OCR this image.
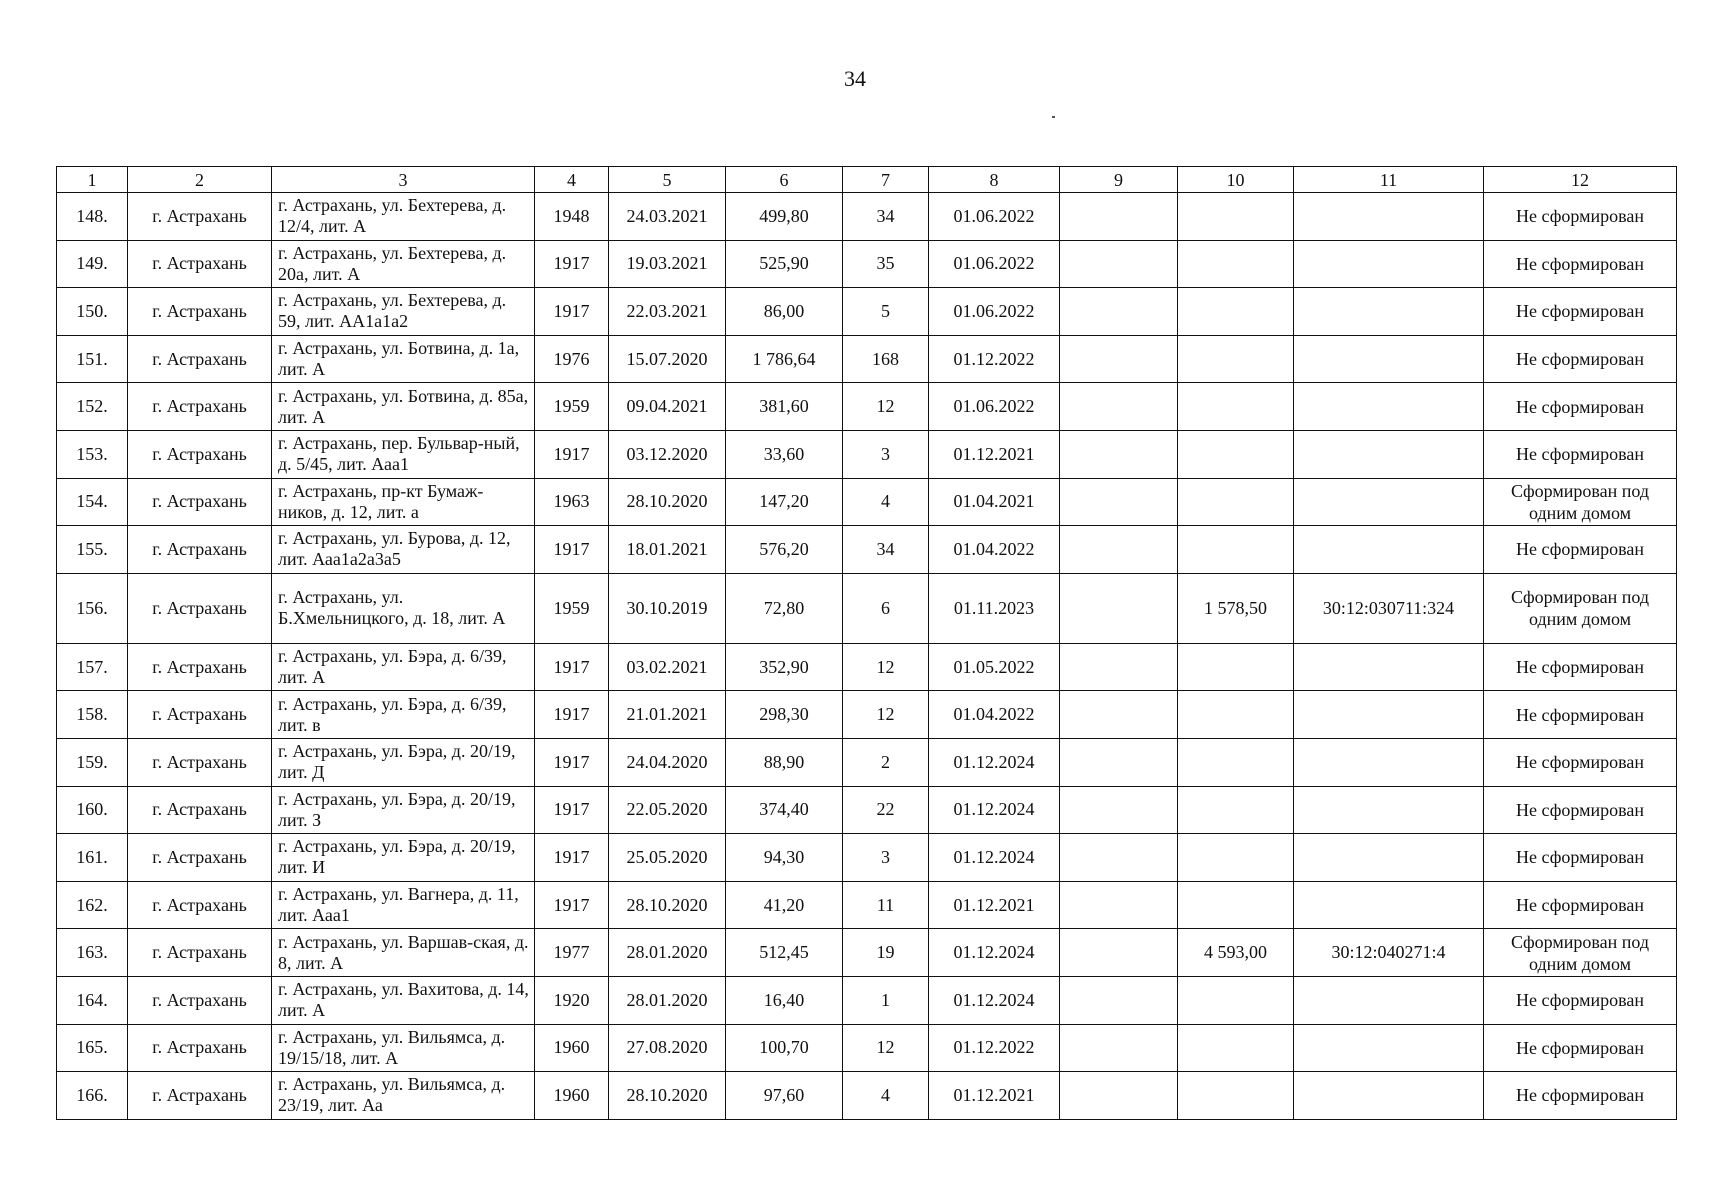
34
1	2	3	4	5	6	7	8	9	10	11	12
148.	г. Астрахань	г. Астрахань, ул. Бехтерева, д. 12/4, лит. А	1948	24.03.2021	499,80	34	01.06.2022				Не сформирован
149.	г. Астрахань	г. Астрахань, ул. Бехтерева, д. 20а, лит. А	1917	19.03.2021	525,90	35	01.06.2022				Не сформирован
150.	г. Астрахань	г. Астрахань, ул. Бехтерева, д. 59, лит. АА1а1а2	1917	22.03.2021	86,00	5	01.06.2022				Не сформирован
151.	г. Астрахань	г. Астрахань, ул. Ботвина, д. 1а, лит. А	1976	15.07.2020	1 786,64	168	01.12.2022				Не сформирован
152.	г. Астрахань	г. Астрахань, ул. Ботвина, д. 85а, лит. А	1959	09.04.2021	381,60	12	01.06.2022				Не сформирован
153.	г. Астрахань	г. Астрахань, пер. Бульвар-ный, д. 5/45, лит. Ааа1	1917	03.12.2020	33,60	3	01.12.2021				Не сформирован
154.	г. Астрахань	г. Астрахань, пр-кт Бумаж-ников, д. 12, лит. а	1963	28.10.2020	147,20	4	01.04.2021				Сформирован под одним домом
155.	г. Астрахань	г. Астрахань, ул. Бурова, д. 12, лит. Ааа1а2а3а5	1917	18.01.2021	576,20	34	01.04.2022				Не сформирован
156.	г. Астрахань	г. Астрахань, ул. Б.Хмельницкого, д. 18, лит. А	1959	30.10.2019	72,80	6	01.11.2023		1 578,50	30:12:030711:324	Сформирован под одним домом
157.	г. Астрахань	г. Астрахань, ул. Бэра, д. 6/39, лит. А	1917	03.02.2021	352,90	12	01.05.2022				Не сформирован
158.	г. Астрахань	г. Астрахань, ул. Бэра, д. 6/39, лит. в	1917	21.01.2021	298,30	12	01.04.2022				Не сформирован
159.	г. Астрахань	г. Астрахань, ул. Бэра, д. 20/19, лит. Д	1917	24.04.2020	88,90	2	01.12.2024				Не сформирован
160.	г. Астрахань	г. Астрахань, ул. Бэра, д. 20/19, лит. З	1917	22.05.2020	374,40	22	01.12.2024				Не сформирован
161.	г. Астрахань	г. Астрахань, ул. Бэра, д. 20/19, лит. И	1917	25.05.2020	94,30	3	01.12.2024				Не сформирован
162.	г. Астрахань	г. Астрахань, ул. Вагнера, д. 11, лит. Ааа1	1917	28.10.2020	41,20	11	01.12.2021				Не сформирован
163.	г. Астрахань	г. Астрахань, ул. Варшав-ская, д. 8, лит. А	1977	28.01.2020	512,45	19	01.12.2024		4 593,00	30:12:040271:4	Сформирован под одним домом
164.	г. Астрахань	г. Астрахань, ул. Вахитова, д. 14, лит. А	1920	28.01.2020	16,40	1	01.12.2024				Не сформирован
165.	г. Астрахань	г. Астрахань, ул. Вильямса, д. 19/15/18, лит. А	1960	27.08.2020	100,70	12	01.12.2022				Не сформирован
166.	г. Астрахань	г. Астрахань, ул. Вильямса, д. 23/19, лит. Аа	1960	28.10.2020	97,60	4	01.12.2021				Не сформирован
